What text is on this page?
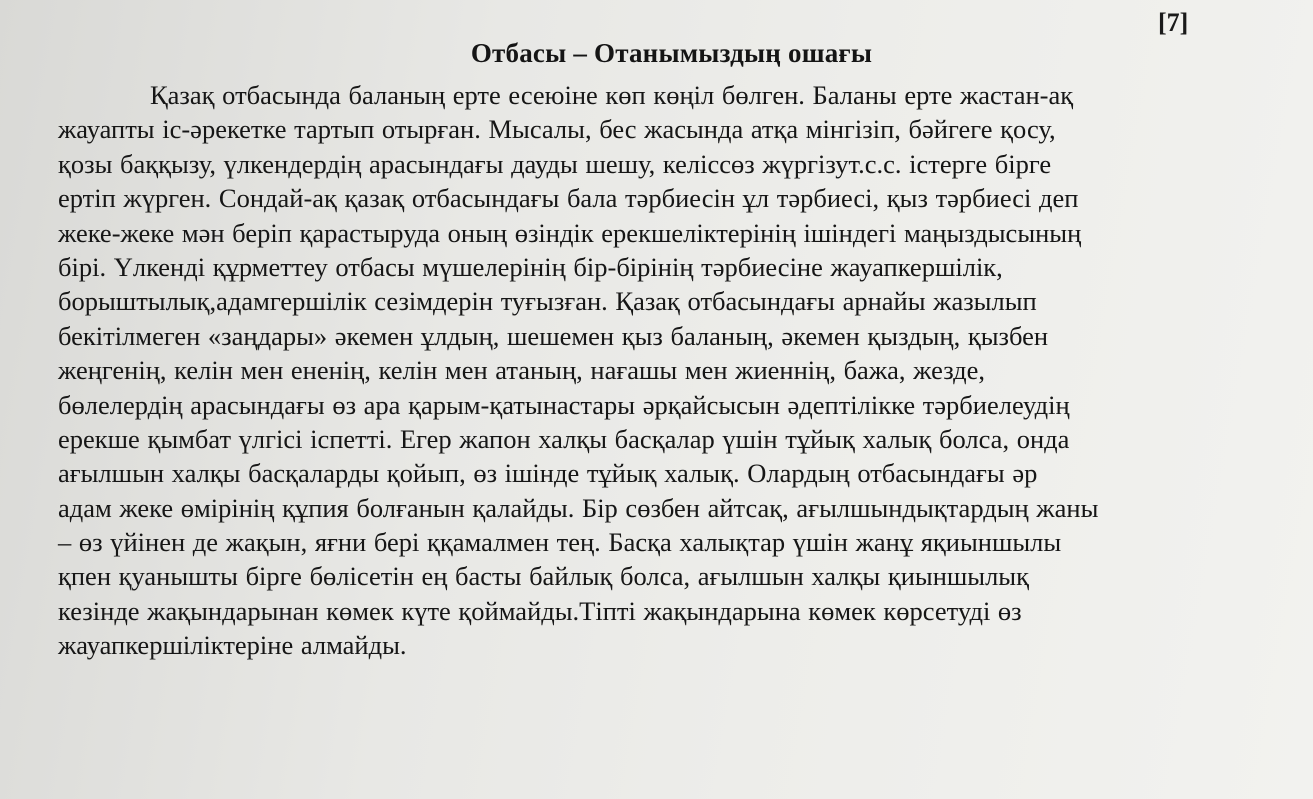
[7]
Отбасы – Отанымыздың ошағы
Қазақ отбасында баланың ерте есеюіне көп көңіл бөлген. Баланы ерте жастан-ақ
жауапты іс-әрекетке тартып отырған. Мысалы, бес жасында атқа мінгізіп, бәйгеге қосу,
қозы баққызу, үлкендердің арасындағы дауды шешу, келіссөз жүргізут.с.с. істерге бірге
ертіп жүрген. Сондай-ақ қазақ отбасындағы бала тәрбиесін ұл тәрбиесі, қыз тәрбиесі деп
жеке-жеке мән беріп қарастыруда оның өзіндік ерекшеліктерінің ішіндегі маңыздысының
бірі. Үлкенді құрметтеу отбасы мүшелерінің бір-бірінің тәрбиесіне жауапкершілік,
борыштылық,адамгершілік сезімдерін туғызған. Қазақ отбасындағы арнайы жазылып
бекітілмеген «заңдары» әкемен ұлдың, шешемен қыз баланың, әкемен қыздың, қызбен
жеңгенің, келін мен ененің, келін мен атаның, нағашы мен жиеннің, бажа, жезде,
бөлелердің арасындағы өз ара қарым-қатынастары әрқайсысын әдептілікке тәрбиелеудің
ерекше қымбат үлгісі іспетті. Егер жапон халқы басқалар үшін тұйық халық болса, онда
ағылшын халқы басқаларды қойып, өз ішінде тұйық халық. Олардың отбасындағы әр
адам жеке өмірінің құпия болғанын қалайды. Бір сөзбен айтсақ, ағылшындықтардың жаны
– өз үйінен де жақын, яғни бері ққамалмен тең. Басқа халықтар үшін жанұ яқиыншылы
қпен қуанышты бірге бөлісетін ең басты байлық болса, ағылшын халқы қиыншылық
кезінде жақындарынан көмек күте қоймайды.Тіпті жақындарына көмек көрсетуді өз
жауапкершіліктеріне алмайды.
